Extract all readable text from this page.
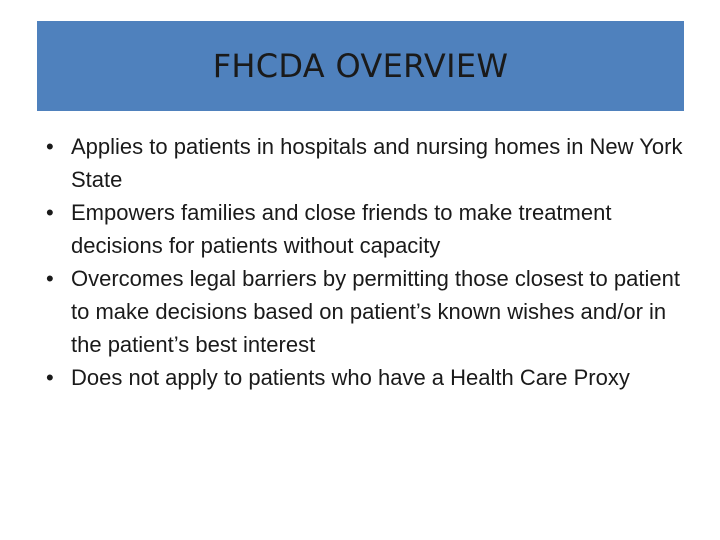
FHCDA OVERVIEW
• Applies to patients in hospitals and nursing homes in New York State
• Empowers families and close friends to make treatment decisions for patients without capacity
• Overcomes legal barriers by permitting those closest to patient to make decisions based on patient’s known wishes and/or in the patient’s best interest
• Does not apply to patients who have a Health Care Proxy
